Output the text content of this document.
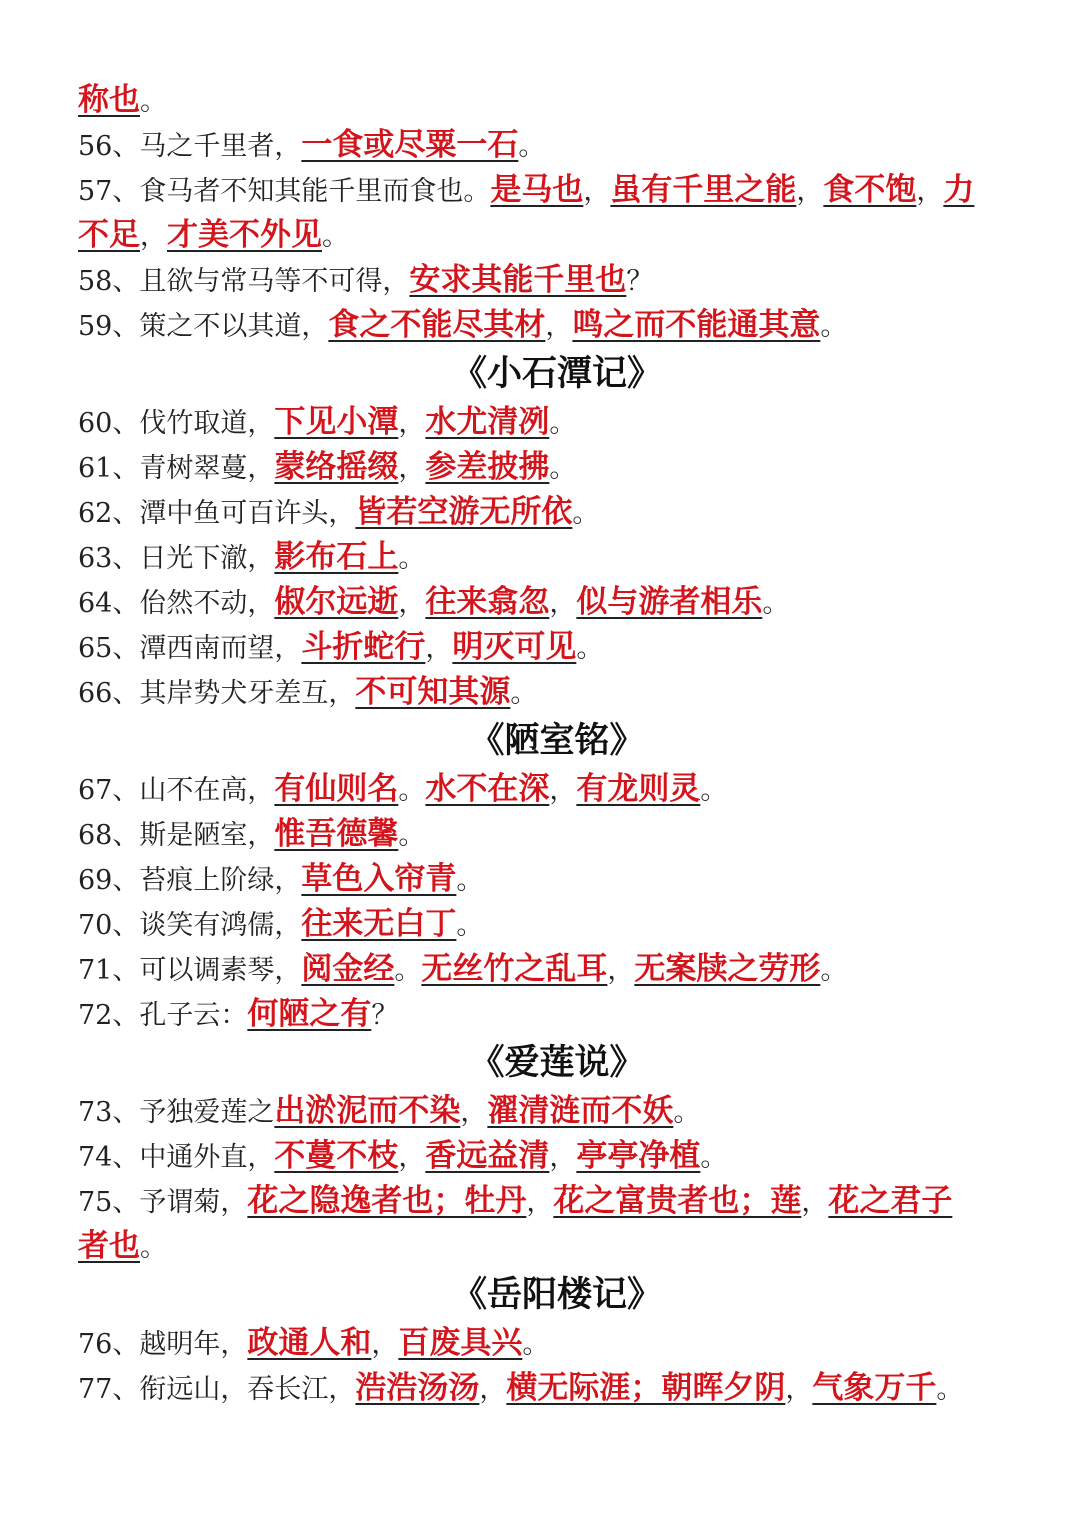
称也。
56、马之千里者，一食或尽粟一石。
57、食马者不知其能千里而食也。是马也，虽有千里之能，食不饱，力
不足，才美不外见。
58、且欲与常马等不可得，安求其能千里也？
59、策之不以其道，食之不能尽其材，鸣之而不能通其意。
《小石潭记》
60、伐竹取道，下见小潭，水尤清冽。
61、青树翠蔓，蒙络摇缀，参差披拂。
62、潭中鱼可百许头，皆若空游无所依。
63、日光下澈，影布石上。
64、佁然不动，俶尔远逝，往来翕忽，似与游者相乐。
65、潭西南而望，斗折蛇行，明灭可见。
66、其岸势犬牙差互，不可知其源。
《陋室铭》
67、山不在高，有仙则名。水不在深，有龙则灵。
68、斯是陋室，惟吾德馨。
69、苔痕上阶绿，草色入帘青。
70、谈笑有鸿儒，往来无白丁。
71、可以调素琴，阅金经。无丝竹之乱耳，无案牍之劳形。
72、孔子云：何陋之有？
《爱莲说》
73、予独爱莲之出淤泥而不染，濯清涟而不妖。
74、中通外直，不蔓不枝，香远益清，亭亭净植。
75、予谓菊，花之隐逸者也；牡丹，花之富贵者也；莲，花之君子
者也。
《岳阳楼记》
76、越明年，政通人和，百废具兴。
77、衔远山，吞长江，浩浩汤汤，横无际涯；朝晖夕阴，气象万千。
